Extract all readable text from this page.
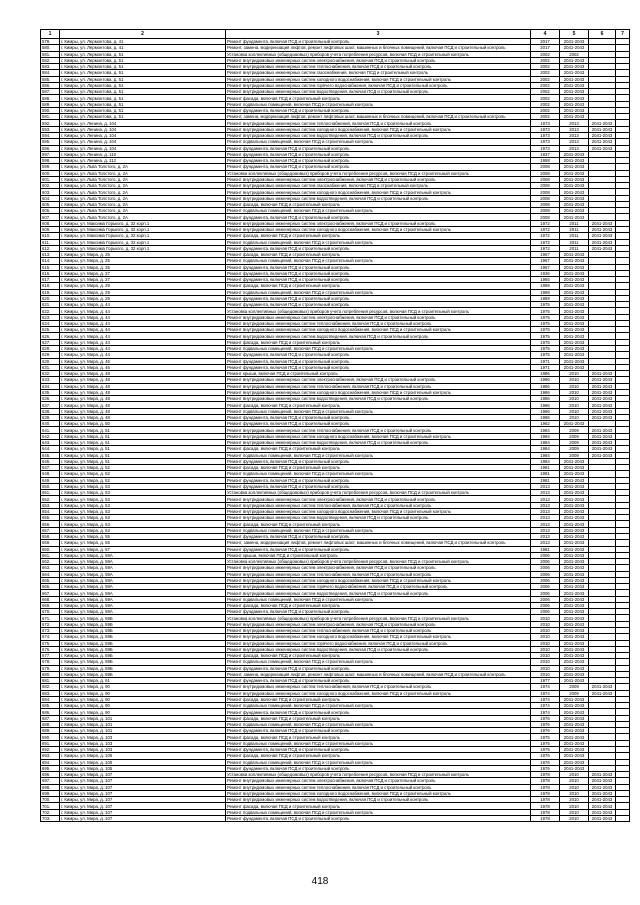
1	2	3	4	5	6	7
579.	г. Кимры, ул. Лермонтова, д. 41	Ремонт фундамента, включая ПСД и строительный контроль	2017	2041-2043		
580.	г. Кимры, ул. Лермонтова, д. 41	Ремонт, замена, модернизация лифтов, ремонт лифтовых шахт, машинных и блочных помещений, включая ПСД и строительный контроль	2017	2041-2043		
581.	г. Кимры, ул. Лермонтова, д. 51	Установка коллективных (общедомовых) приборов учета потребления ресурсов, включая ПСД и строительный контроль	2002	2002		
582.	г. Кимры, ул. Лермонтова, д. 51	Ремонт внутридомовых инженерных систем электроснабжения, включая ПСД и строительный контроль	2002	2041-2043		
583.	г. Кимры, ул. Лермонтова, д. 51	Ремонт внутридомовых инженерных систем теплоснабжения, включая ПСД и строительный контроль	2002	2041-2043		
584.	г. Кимры, ул. Лермонтова, д. 51	Ремонт внутридомовых инженерных систем газоснабжения, включая ПСД и строительный контроль	2002	2041-2043		
585.	г. Кимры, ул. Лермонтова, д. 51	Ремонт внутридомовых инженерных систем холодного водоснабжения, включая ПСД и строительный контроль	2002	2041-2043		
586.	г. Кимры, ул. Лермонтова, д. 51	Ремонт внутридомовых инженерных систем горячего водоснабжения, включая ПСД и строительный контроль	2002	2041-2043		
587.	г. Кимры, ул. Лермонтова, д. 51	Ремонт внутридомовых инженерных систем водоотведения, включая ПСД и строительный контроль	2002	2041-2043		
588.	г. Кимры, ул. Лермонтова, д. 51	Ремонт фасада, включая ПСД и строительный контроль	2002	2041-2043		
589.	г. Кимры, ул. Лермонтова, д. 51	Ремонт подвальных помещений, включая ПСД и строительный контроль	2002	2041-2043		
590.	г. Кимры, ул. Лермонтова, д. 51	Ремонт фундамента, включая ПСД и строительный контроль	2002	2041-2043		
591.	г. Кимры, ул. Лермонтова, д. 51	Ремонт, замена, модернизация лифтов, ремонт лифтовых шахт, машинных и блочных помещений, включая ПСД и строительный контроль	2002	2041-2043		
592.	г. Кимры, ул. Ленина, д. 104	Ремонт внутридомовых инженерных систем теплоснабжения, включая ПСД и строительный контроль	1973	2013	2041-2043	
593.	г. Кимры, ул. Ленина, д. 104	Ремонт внутридомовых инженерных систем холодного водоснабжения, включая ПСД и строительный контроль	1973	2013	2041-2043	
594.	г. Кимры, ул. Ленина, д. 104	Ремонт внутридомовых инженерных систем водоотведения, включая ПСД и строительный контроль	1973	2013	2041-2043	
595.	г. Кимры, ул. Ленина, д. 104	Ремонт подвальных помещений, включая ПСД и строительный контроль	1973	2013	2041-2043	
596.	г. Кимры, ул. Ленина, д. 104	Ремонт фундамента, включая ПСД и строительный контроль	1973	2013	2041-2043	
597.	г. Кимры, ул. Ленина, д. 110	Ремонт фундамента, включая ПСД и строительный контроль	1937	2041-2043		
598.	г. Кимры, ул. Ленина, д. 112	Ремонт фундамента, включая ПСД и строительный контроль	1958	2041-2043		
599.	г. Кимры, ул. Льва Толстого, д. 2А	Ремонт фундамента, включая ПСД и строительный контроль	2008	2041-2043		
600.	г. Кимры, ул. Льва Толстого, д. 2А	Установка коллективных (общедомовых) приборов учета потребления ресурсов, включая ПСД и строительный контроль	2008	2041-2043		
601.	г. Кимры, ул. Льва Толстого, д. 2А	Ремонт внутридомовых инженерных систем электроснабжения, включая ПСД и строительный контроль	2008	2041-2043		
602.	г. Кимры, ул. Льва Толстого, д. 2А	Ремонт внутридомовых инженерных систем газоснабжения, включая ПСД и строительный контроль	2008	2041-2043		
603.	г. Кимры, ул. Льва Толстого, д. 2А	Ремонт внутридомовых инженерных систем холодного водоснабжения, включая ПСД и строительный контроль	2008	2041-2043		
604.	г. Кимры, ул. Льва Толстого, д. 2А	Ремонт внутридомовых инженерных систем водоотведения, включая ПСД и строительный контроль	2008	2041-2043		
605.	г. Кимры, ул. Льва Толстого, д. 2А	Ремонт фасада, включая ПСД и строительный контроль	2008	2041-2043		
606.	г. Кимры, ул. Льва Толстого, д. 2А	Ремонт подвальных помещений, включая ПСД и строительный контроль	2008	2041-2043		
607.	г. Кимры, ул. Льва Толстого, д. 2А	Ремонт фундамента, включая ПСД и строительный контроль	2008	2041-2043		
608.	г. Кимры, ул. Максима Горького, д. 32 корп.1	Ремонт внутридомовых инженерных систем электроснабжения, включая ПСД и строительный контроль	1972	2011	2041-2043	
609.	г. Кимры, ул. Максима Горького, д. 32 корп.1	Ремонт внутридомовых инженерных систем холодного водоснабжения, включая ПСД и строительный контроль	1972	2011	2041-2043	
610.	г. Кимры, ул. Максима Горького, д. 32 корп.1	Ремонт фасада, включая ПСД и строительный контроль	1972	2011	2041-2043	
611.	г. Кимры, ул. Максима Горького, д. 32 корп.1	Ремонт подвальных помещений, включая ПСД и строительный контроль	1972	2011	2041-2043	
612.	г. Кимры, ул. Максима Горького, д. 32 корп.1	Ремонт фундамента, включая ПСД и строительный контроль	1972	2011	2041-2043	
613.	г. Кимры, ул. Мира, д. 25	Ремонт фасада, включая ПСД и строительный контроль	1967	2041-2043		
614.	г. Кимры, ул. Мира, д. 25	Ремонт подвальных помещений, включая ПСД и строительный контроль	1967	2041-2043		
615.	г. Кимры, ул. Мира, д. 25	Ремонт фундамента, включая ПСД и строительный контроль	1967	2041-2043		
616.	г. Кимры, ул. Мира, д. 27	Ремонт фундамента, включая ПСД и строительный контроль	1936	2041-2043		
617.	г. Кимры, ул. Мира, д. 27	Ремонт фундамента, включая ПСД и строительный контроль	1965	2041-2043		
618.	г. Кимры, ул. Мира, д. 29	Ремонт фасада, включая ПСД и строительный контроль	1989	2041-2043		
619.	г. Кимры, ул. Мира, д. 29	Ремонт подвальных помещений, включая ПСД и строительный контроль	1989	2041-2043		
620.	г. Кимры, ул. Мира, д. 29	Ремонт фундамента, включая ПСД и строительный контроль	1989	2041-2043		
621.	г. Кимры, ул. Мира, д. 44	Ремонт фундамента, включая ПСД и строительный контроль	1975	2041-2043		
622.	г. Кимры, ул. Мира, д. 44	Установка коллективных (общедомовых) приборов учета потребления ресурсов, включая ПСД и строительный контроль	1975	2041-2043		
623.	г. Кимры, ул. Мира, д. 44	Ремонт внутридомовых инженерных систем электроснабжения, включая ПСД и строительный контроль	1975	2041-2043		
624.	г. Кимры, ул. Мира, д. 44	Ремонт внутридомовых инженерных систем теплоснабжения, включая ПСД и строительный контроль	1975	2041-2043		
625.	г. Кимры, ул. Мира, д. 44	Ремонт внутридомовых инженерных систем холодного водоснабжения, включая ПСД и строительный контроль	1975	2041-2043		
626.	г. Кимры, ул. Мира, д. 44	Ремонт внутридомовых инженерных систем водоотведения, включая ПСД и строительный контроль	1975	2041-2043		
627.	г. Кимры, ул. Мира, д. 44	Ремонт фасада, включая ПСД и строительный контроль	1975	2041-2043		
628.	г. Кимры, ул. Мира, д. 44	Ремонт подвальных помещений, включая ПСД и строительный контроль	1975	2041-2043		
629.	г. Кимры, ул. Мира, д. 44	Ремонт фундамента, включая ПСД и строительный контроль	1975	2041-2043		
630.	г. Кимры, ул. Мира, д. 45	Ремонт фундамента, включая ПСД и строительный контроль	1971	2041-2043		
631.	г. Кимры, ул. Мира, д. 46	Ремонт фундамента, включая ПСД и строительный контроль	1971	2041-2043		
632.	г. Кимры, ул. Мира, д. 48	Ремонт крыши, включая ПСД и строительный контроль	1986	2010	2041-2043	
633.	г. Кимры, ул. Мира, д. 48	Ремонт внутридомовых инженерных систем электроснабжения, включая ПСД и строительный контроль	1986	2010	2041-2043	
634.	г. Кимры, ул. Мира, д. 48	Ремонт внутридомовых инженерных систем теплоснабжения, включая ПСД и строительный контроль	1986	2010	2041-2043	
635.	г. Кимры, ул. Мира, д. 48	Ремонт внутридомовых инженерных систем холодного водоснабжения, включая ПСД и строительный контроль	1986	2010	2041-2043	
636.	г. Кимры, ул. Мира, д. 48	Ремонт внутридомовых инженерных систем водоотведения, включая ПСД и строительный контроль	1986	2010	2041-2043	
637.	г. Кимры, ул. Мира, д. 48	Ремонт фасада, включая ПСД и строительный контроль	1986	2010	2041-2043	
638.	г. Кимры, ул. Мира, д. 48	Ремонт подвальных помещений, включая ПСД и строительный контроль	1986	2010	2041-2043	
639.	г. Кимры, ул. Мира, д. 48	Ремонт фундамента, включая ПСД и строительный контроль	1986	2010	2041-2043	
640.	г. Кимры, ул. Мира, д. 50	Ремонт фундамента, включая ПСД и строительный контроль	1962	2041-2043		
641.	г. Кимры, ул. Мира, д. 51	Ремонт внутридомовых инженерных систем теплоснабжения, включая ПСД и строительный контроль	1984	2009	2041-2043	
642.	г. Кимры, ул. Мира, д. 51	Ремонт внутридомовых инженерных систем холодного водоснабжения, включая ПСД и строительный контроль	1984	2009	2041-2043	
643.	г. Кимры, ул. Мира, д. 51	Ремонт внутридомовых инженерных систем водоотведения, включая ПСД и строительный контроль	1984	2009	2041-2043	
644.	г. Кимры, ул. Мира, д. 51	Ремонт фасада, включая ПСД и строительный контроль	1984	2009	2041-2043	
645.	г. Кимры, ул. Мира, д. 51	Ремонт подвальных помещений, включая ПСД и строительный контроль	1984	2009	2041-2043	
646.	г. Кимры, ул. Мира, д. 51	Ремонт фундамента, включая ПСД и строительный контроль	1984	2041-2043		
647.	г. Кимры, ул. Мира, д. 52	Ремонт фасада, включая ПСД и строительный контроль	1981	2041-2043		
648.	г. Кимры, ул. Мира, д. 52	Ремонт подвальных помещений, включая ПСД и строительный контроль	1981	2041-2043		
649.	г. Кимры, ул. Мира, д. 52	Ремонт фундамента, включая ПСД и строительный контроль	1981	2041-2043		
650.	г. Кимры, ул. Мира, д. 53	Ремонт фундамента, включая ПСД и строительный контроль	2013	2041-2043		
651.	г. Кимры, ул. Мира, д. 53	Установка коллективных (общедомовых) приборов учета потребления ресурсов, включая ПСД и строительный контроль	2013	2041-2043		
652.	г. Кимры, ул. Мира, д. 53	Ремонт внутридомовых инженерных систем электроснабжения, включая ПСД и строительный контроль	2013	2041-2043		
653.	г. Кимры, ул. Мира, д. 53	Ремонт внутридомовых инженерных систем теплоснабжения, включая ПСД и строительный контроль	2013	2041-2043		
654.	г. Кимры, ул. Мира, д. 53	Ремонт внутридомовых инженерных систем холодного водоснабжения, включая ПСД и строительный контроль	2013	2041-2043		
655.	г. Кимры, ул. Мира, д. 53	Ремонт внутридомовых инженерных систем водоотведения, включая ПСД и строительный контроль	2013	2041-2043		
656.	г. Кимры, ул. Мира, д. 53	Ремонт фасада, включая ПСД и строительный контроль	2013	2041-2043		
657.	г. Кимры, ул. Мира, д. 53	Ремонт подвальных помещений, включая ПСД и строительный контроль	2013	2041-2043		
658.	г. Кимры, ул. Мира, д. 55	Ремонт фундамента, включая ПСД и строительный контроль	2013	2041-2043		
659.	г. Кимры, ул. Мира, д. 55	Ремонт, замена, модернизация лифтов, ремонт лифтовых шахт, машинных и блочных помещений, включая ПСД и строительный контроль	2013	2041-2043		
660.	г. Кимры, ул. Мира, д. 57	Ремонт фундамента, включая ПСД и строительный контроль	1981	2041-2043		
661.	г. Кимры, ул. Мира, д. 59А	Ремонт крыши, включая ПСД и строительный контроль	2006	2041-2043		
662.	г. Кимры, ул. Мира, д. 59А	Установка коллективных (общедомовых) приборов учета потребления ресурсов, включая ПСД и строительный контроль	2006	2041-2043		
663.	г. Кимры, ул. Мира, д. 59А	Ремонт внутридомовых инженерных систем электроснабжения, включая ПСД и строительный контроль	2006	2041-2043		
664.	г. Кимры, ул. Мира, д. 59А	Ремонт внутридомовых инженерных систем теплоснабжения, включая ПСД и строительный контроль	2006	2041-2043		
665.	г. Кимры, ул. Мира, д. 59А	Ремонт внутридомовых инженерных систем холодного водоснабжения, включая ПСД и строительный контроль	2006	2041-2043		
666.	г. Кимры, ул. Мира, д. 59А	Ремонт внутридомовых инженерных систем горячего водоснабжения, включая ПСД и строительный контроль	2006	2041-2043		
667.	г. Кимры, ул. Мира, д. 59А	Ремонт внутридомовых инженерных систем водоотведения, включая ПСД и строительный контроль	2006	2041-2043		
668.	г. Кимры, ул. Мира, д. 59А	Ремонт подвальных помещений, включая ПСД и строительный контроль	2006	2041-2043		
669.	г. Кимры, ул. Мира, д. 59А	Ремонт фасада, включая ПСД и строительный контроль	2006	2041-2043		
670.	г. Кимры, ул. Мира, д. 59А	Ремонт фундамента, включая ПСД и строительный контроль	2006	2041-2043		
671.	г. Кимры, ул. Мира, д. 59Б	Установка коллективных (общедомовых) приборов учета потребления ресурсов, включая ПСД и строительный контроль	2010	2041-2043		
672.	г. Кимры, ул. Мира, д. 59Б	Ремонт внутридомовых инженерных систем электроснабжения, включая ПСД и строительный контроль	2010	2041-2043		
673.	г. Кимры, ул. Мира, д. 59Б	Ремонт внутридомовых инженерных систем теплоснабжения, включая ПСД и строительный контроль	2010	2041-2043		
674.	г. Кимры, ул. Мира, д. 59Б	Ремонт внутридомовых инженерных систем холодного водоснабжения, включая ПСД и строительный контроль	2010	2041-2043		
675.	г. Кимры, ул. Мира, д. 59Б	Ремонт внутридомовых инженерных систем горячего водоснабжения, включая ПСД и строительный контроль	2010	2041-2043		
676.	г. Кимры, ул. Мира, д. 59Б	Ремонт внутридомовых инженерных систем водоотведения, включая ПСД и строительный контроль	2010	2041-2043		
677.	г. Кимры, ул. Мира, д. 59Б	Ремонт фасада, включая ПСД и строительный контроль	2010	2041-2043		
678.	г. Кимры, ул. Мира, д. 59Б	Ремонт подвальных помещений, включая ПСД и строительный контроль	2010	2041-2043		
679.	г. Кимры, ул. Мира, д. 59Б	Ремонт фундамента, включая ПСД и строительный контроль	2010	2041-2043		
680.	г. Кимры, ул. Мира, д. 59Б	Ремонт, замена, модернизация лифтов, ремонт лифтовых шахт, машинных и блочных помещений, включая ПСД и строительный контроль	2010	2041-2043		
681.	г. Кимры, ул. Мира, д. 61	Ремонт фундамента, включая ПСД и строительный контроль	1977	2041-2043		
682.	г. Кимры, ул. Мира, д. 90	Ремонт внутридомовых инженерных систем теплоснабжения, включая ПСД и строительный контроль	1974	2009	2041-2043	
683.	г. Кимры, ул. Мира, д. 90	Ремонт внутридомовых инженерных систем холодного водоснабжения, включая ПСД и строительный контроль	1974	2009	2041-2043	
684.	г. Кимры, ул. Мира, д. 90	Ремонт фасада, включая ПСД и строительный контроль	1974	2041-2043		
685.	г. Кимры, ул. Мира, д. 90	Ремонт подвальных помещений, включая ПСД и строительный контроль	1974	2041-2043		
686.	г. Кимры, ул. Мира, д. 90	Ремонт фундамента, включая ПСД и строительный контроль	1974	2041-2043		
687.	г. Кимры, ул. Мира, д. 101	Ремонт фасада, включая ПСД и строительный контроль	1976	2041-2043		
688.	г. Кимры, ул. Мира, д. 101	Ремонт подвальных помещений, включая ПСД и строительный контроль	1976	2041-2043		
689.	г. Кимры, ул. Мира, д. 101	Ремонт фундамента, включая ПСД и строительный контроль	1976	2041-2043		
690.	г. Кимры, ул. Мира, д. 103	Ремонт фасада, включая ПСД и строительный контроль	1975	2041-2043		
691.	г. Кимры, ул. Мира, д. 103	Ремонт подвальных помещений, включая ПСД и строительный контроль	1975	2041-2043		
692.	г. Кимры, ул. Мира, д. 103	Ремонт фундамента, включая ПСД и строительный контроль	1975	2041-2043		
693.	г. Кимры, ул. Мира, д. 105	Ремонт фасада, включая ПСД и строительный контроль	1976	2041-2043		
694.	г. Кимры, ул. Мира, д. 105	Ремонт подвальных помещений, включая ПСД и строительный контроль	1976	2041-2043		
695.	г. Кимры, ул. Мира, д. 105	Ремонт фундамента, включая ПСД и строительный контроль	1976	2041-2043		
696.	г. Кимры, ул. Мира, д. 107	Установка коллективных (общедомовых) приборов учета потребления ресурсов, включая ПСД и строительный контроль	1978	2010	2041-2043	
697.	г. Кимры, ул. Мира, д. 107	Ремонт внутридомовых инженерных систем электроснабжения, включая ПСД и строительный контроль	1978	2010	2041-2043	
698.	г. Кимры, ул. Мира, д. 107	Ремонт внутридомовых инженерных систем теплоснабжения, включая ПСД и строительный контроль	1978	2010	2041-2043	
699.	г. Кимры, ул. Мира, д. 107	Ремонт внутридомовых инженерных систем холодного водоснабжения, включая ПСД и строительный контроль	1978	2010	2041-2043	
700.	г. Кимры, ул. Мира, д. 107	Ремонт внутридомовых инженерных систем водоотведения, включая ПСД и строительный контроль	1978	2010	2041-2043	
701.	г. Кимры, ул. Мира, д. 107	Ремонт фасада, включая ПСД и строительный контроль	1978	2010	2041-2043	
702.	г. Кимры, ул. Мира, д. 107	Ремонт подвальных помещений, включая ПСД и строительный контроль	1978	2010	2041-2043	
703.	г. Кимры, ул. Мира, д. 107	Ремонт фундамента, включая ПСД и строительный контроль	1978	2010	2041-2043	
418
